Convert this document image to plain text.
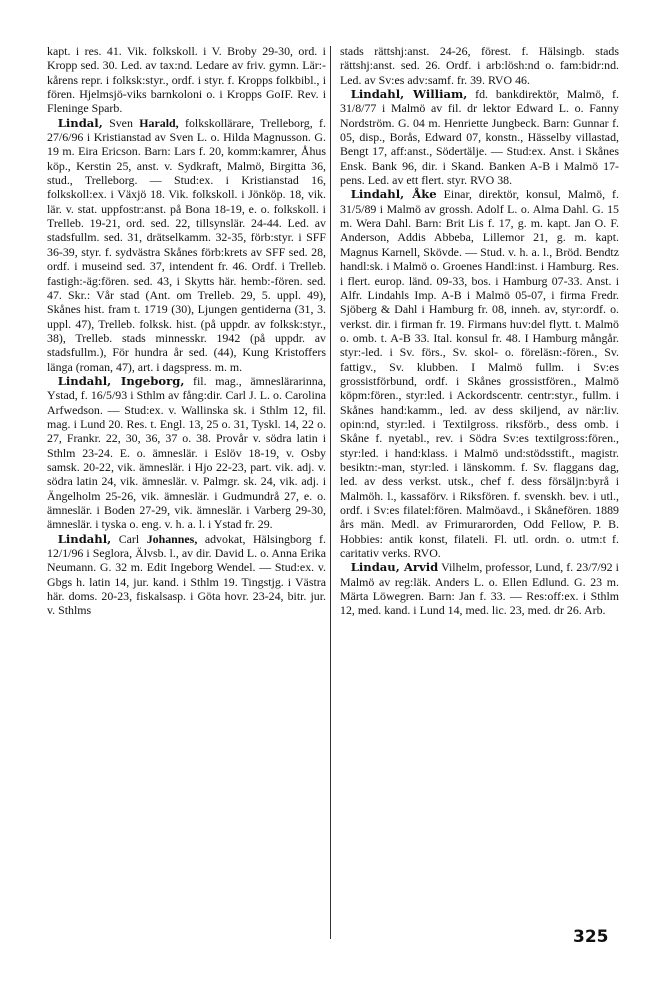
kapt. i res. 41. Vik. folkskoll. i V. Broby 29-30, ord. i Kropp sed. 30. Led. av tax:nd. Ledare av friv. gymn. Lär:-kårens repr. i folksk:styr., ordf. i styr. f. Kropps folkbibl., i fören. Hjelmsjö-viks barnkoloni o. i Kropps GoIF. Rev. i Fleninge Sparb.

Lindal, Sven Harald, folkskollärare, Trelleborg, f. 27/6/96 i Kristianstad av Sven L. o. Hilda Magnusson. G. 19 m. Eira Ericson. Barn: Lars f. 20, komm:kamrer, Åhus köp., Kerstin 25, anst. v. Sydkraft, Malmö, Birgitta 36, stud., Trelleborg. — Stud:ex. i Kristianstad 16, folkskoll:ex. i Växjö 18. Vik. folkskoll. i Jönköp. 18, vik. lär. v. stat. uppfostr:anst. på Bona 18-19, e. o. folkskoll. i Trelleb. 19-21, ord. sed. 22, tillsynslär. 24-44. Led. av stadsfullm. sed. 31, drätselkamm. 32-35, förb:styr. i SFF 36-39, styr. f. sydvästra Skånes förb:krets av SFF sed. 28, ordf. i museind sed. 37, intendent fr. 46. Ordf. i Trelleb. fastigh:-äg:fören. sed. 43, i Skytts här. hemb:-fören. sed. 47. Skr.: Vår stad (Ant. om Trelleb. 29, 5. uppl. 49), Skånes hist. fram t. 1719 (30), Ljungen gentiderna (31, 3. uppl. 47), Trelleb. folksk. hist. (på uppdr. av folksk:styr., 38), Trelleb. stads minnesskr. 1942 (på uppdr. av stadsfullm.), För hundra år sed. (44), Kung Kristoffers länga (roman, 47), art. i dagspress. m. m.

Lindahl, Ingeborg, fil. mag., ämneslärarinna, Ystad, f. 16/5/93 i Sthlm av fång:dir. Carl J. L. o. Carolina Arfwedson. — Stud:ex. v. Wallinska sk. i Sthlm 12, fil. mag. i Lund 20. Res. t. Engl. 13, 25 o. 31, Tyskl. 14, 22 o. 27, Frankr. 22, 30, 36, 37 o. 38. Provår v. södra latin i Sthlm 23-24. E. o. ämneslär. i Eslöv 18-19, v. Osby samsk. 20-22, vik. ämneslär. i Hjo 22-23, part. vik. adj. v. södra latin 24, vik. ämneslär. v. Palmgr. sk. 24, vik. adj. i Ängelholm 25-26, vik. ämneslär. i Gudmundrå 27, e. o. ämneslär. i Boden 27-29, vik. ämneslär. i Varberg 29-30, ämneslär. i tyska o. eng. v. h. a. l. i Ystad fr. 29.

Lindahl, Carl Johannes, advokat, Hälsingborg f. 12/1/96 i Seglora, Älvsb. l., av dir. David L. o. Anna Erika Neumann. G. 32 m. Edit Ingeborg Wendel. — Stud:ex. v. Gbgs h. latin 14, jur. kand. i Sthlm 19. Tingstjg. i Västra här. doms. 20-23, fiskalsasp. i Göta hovr. 23-24, bitr. jur. v. Sthlms

stads rättshj:anst. 24-26, förest. f. Hälsingb. stads rättshj:anst. sed. 26. Ordf. i arb:lösh:nd o. fam:bidr:nd. Led. av Sv:es adv:samf. fr. 39. RVO 46.

Lindahl, William, fd. bankdirektör, Malmö, f. 31/8/77 i Malmö av fil. dr lektor Edward L. o. Fanny Nordström. G. 04 m. Henriette Jungbeck. Barn: Gunnar f. 05, disp., Borås, Edward 07, konstn., Hässelby villastad, Bengt 17, aff:anst., Södertälje. — Stud:ex. Anst. i Skånes Ensk. Bank 96, dir. i Skand. Banken A-B i Malmö 17-pens. Led. av ett flert. styr. RVO 38.

Lindahl, Åke Einar, direktör, konsul, Malmö, f. 31/5/89 i Malmö av grossh. Adolf L. o. Alma Dahl. G. 15 m. Wera Dahl. Barn: Brit Lis f. 17, g. m. kapt. Jan O. F. Anderson, Addis Abbeba, Lillemor 21, g. m. kapt. Magnus Karnell, Skövde. — Stud. v. h. a. l., Bröd. Bendtz handl:sk. i Malmö o. Groenes Handl:inst. i Hamburg. Res. i flert. europ. länd. 09-33, bos. i Hamburg 07-33. Anst. i Alfr. Lindahls Imp. A-B i Malmö 05-07, i firma Fredr. Sjöberg & Dahl i Hamburg fr. 08, inneh. av, styr:ordf. o. verkst. dir. i firman fr. 19. Firmans huv:del flytt. t. Malmö o. omb. t. A-B 33. Ital. konsul fr. 48. I Hamburg mångår. styr:-led. i Sv. förs., Sv. skol- o. föreläsn:-fören., Sv. fattigv., Sv. klubben. I Malmö fullm. i Sv:es grossistförbund, ordf. i Skånes grossistfören., Malmö köpm:fören., styr:led. i Ackordscentr. centr:styr., fullm. i Skånes hand:kamm., led. av dess skiljend, av när:liv. opin:nd, styr:led. i Textilgross. riksförb., dess omb. i Skåne f. nyetabl., rev. i Södra Sv:es textilgross:fören., styr:led. i hand:klass. i Malmö und:stödsstift., magistr. besiktn:-man, styr:led. i länskomm. f. Sv. flaggans dag, led. av dess verkst. utsk., chef f. dess försäljn:byrå i Malmöh. l., kassaförv. i Riksfören. f. svenskh. bev. i utl., ordf. i Sv:es filatel:fören. Malmöavd., i Skånefören. 1889 års män. Medl. av Frimurarorden, Odd Fellow, P. B. Hobbies: antik konst, filateli. Fl. utl. ordn. o. utm:t f. caritativ verks. RVO.

Lindau, Arvid Vilhelm, professor, Lund, f. 23/7/92 i Malmö av reg:läk. Anders L. o. Ellen Edlund. G. 23 m. Märta Löwegren. Barn: Jan f. 33. — Res:off:ex. i Sthlm 12, med. kand. i Lund 14, med. lic. 23, med. dr 26. Arb.

325
